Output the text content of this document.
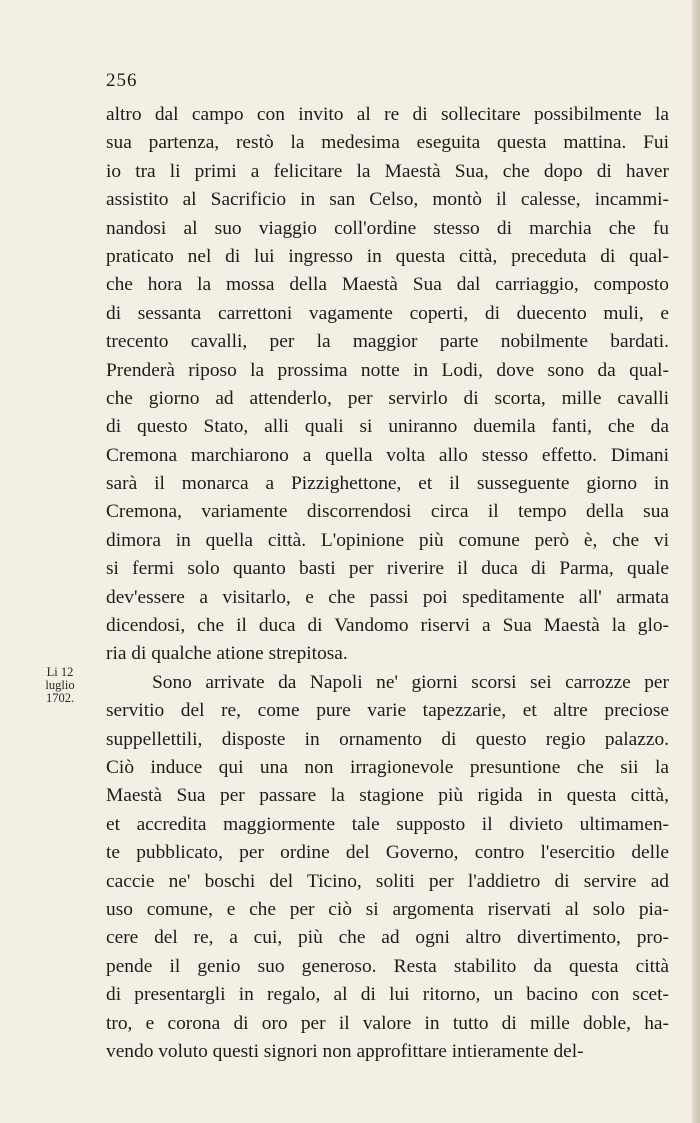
256
Li 12
luglio
1702.
altro dal campo con invito al re di sollecitare possibilmente la
sua partenza, restò la medesima eseguita questa mattina. Fui
io tra li primi a felicitare la Maestà Sua, che dopo di haver
assistito al Sacrificio in san Celso, montò il calesse, incammi-
nandosi al suo viaggio coll'ordine stesso di marchia che fu
praticato nel di lui ingresso in questa città, preceduta di qual-
che hora la mossa della Maestà Sua dal carriaggio, composto
di sessanta carrettoni vagamente coperti, di duecento muli, e
trecento cavalli, per la maggior parte nobilmente bardati.
Prenderà riposo la prossima notte in Lodi, dove sono da qual-
che giorno ad attenderlo, per servirlo di scorta, mille cavalli
di questo Stato, alli quali si uniranno duemila fanti, che da
Cremona marchiarono a quella volta allo stesso effetto. Dimani
sarà il monarca a Pizzighettone, et il susseguente giorno in
Cremona, variamente discorrendosi circa il tempo della sua
dimora in quella città. L'opinione più comune però è, che vi
si fermi solo quanto basti per riverire il duca di Parma, quale
dev'essere a visitarlo, e che passi poi speditamente all' armata
dicendosi, che il duca di Vandomo riservi a Sua Maestà la glo-
ria di qualche atione strepitosa.
Sono arrivate da Napoli ne' giorni scorsi sei carrozze per
servitio del re, come pure varie tapezzarie, et altre preciose
suppellettili, disposte in ornamento di questo regio palazzo.
Ciò induce qui una non irragionevole presuntione che sii la
Maestà Sua per passare la stagione più rigida in questa città,
et accredita maggiormente tale supposto il divieto ultimamen-
te pubblicato, per ordine del Governo, contro l'esercitio delle
caccie ne' boschi del Ticino, soliti per l'addietro di servire ad
uso comune, e che per ciò si argomenta riservati al solo pia-
cere del re, a cui, più che ad ogni altro divertimento, pro-
pende il genio suo generoso. Resta stabilito da questa città
di presentargli in regalo, al di lui ritorno, un bacino con scet-
tro, e corona di oro per il valore in tutto di mille doble, ha-
vendo voluto questi signori non approfittare intieramente del-
